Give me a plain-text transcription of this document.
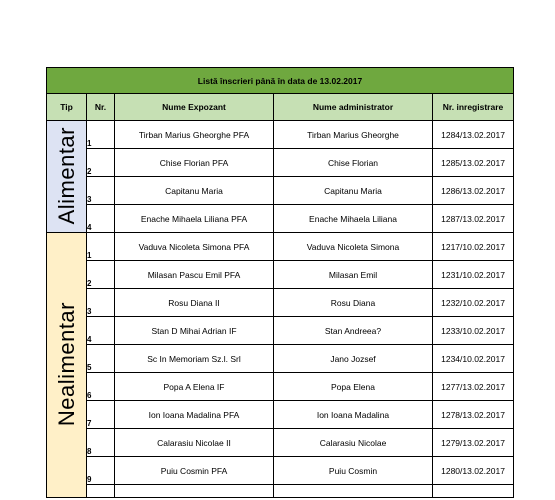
Listă înscrieri până în data de 13.02.2017				
Tip	Nr.	Nume Expozant	Nume administrator	Nr. inregistrare
Alimentar	1	Tirban Marius Gheorghe PFA	Tirban Marius Gheorghe	1284/13.02.2017
	2	Chise Florian PFA	Chise Florian	1285/13.02.2017
	3	Capitanu Maria	Capitanu Maria	1286/13.02.2017
	4	Enache Mihaela Liliana PFA	Enache Mihaela Liliana	1287/13.02.2017
Nealimentar	1	Vaduva Nicoleta Simona PFA	Vaduva Nicoleta Simona	1217/10.02.2017
	2	Milasan Pascu Emil PFA	Milasan Emil	1231/10.02.2017
	3	Rosu Diana II	Rosu Diana	1232/10.02.2017
	4	Stan D Mihai Adrian IF	Stan Andreea?	1233/10.02.2017
	5	Sc In Memoriam Sz.l. Srl	Jano Jozsef	1234/10.02.2017
	6	Popa A Elena IF	Popa Elena	1277/13.02.2017
	7	Ion Ioana Madalina PFA	Ion Ioana Madalina	1278/13.02.2017
	8	Calarasiu Nicolae II	Calarasiu Nicolae	1279/13.02.2017
	9	Puiu Cosmin PFA	Puiu Cosmin	1280/13.02.2017
